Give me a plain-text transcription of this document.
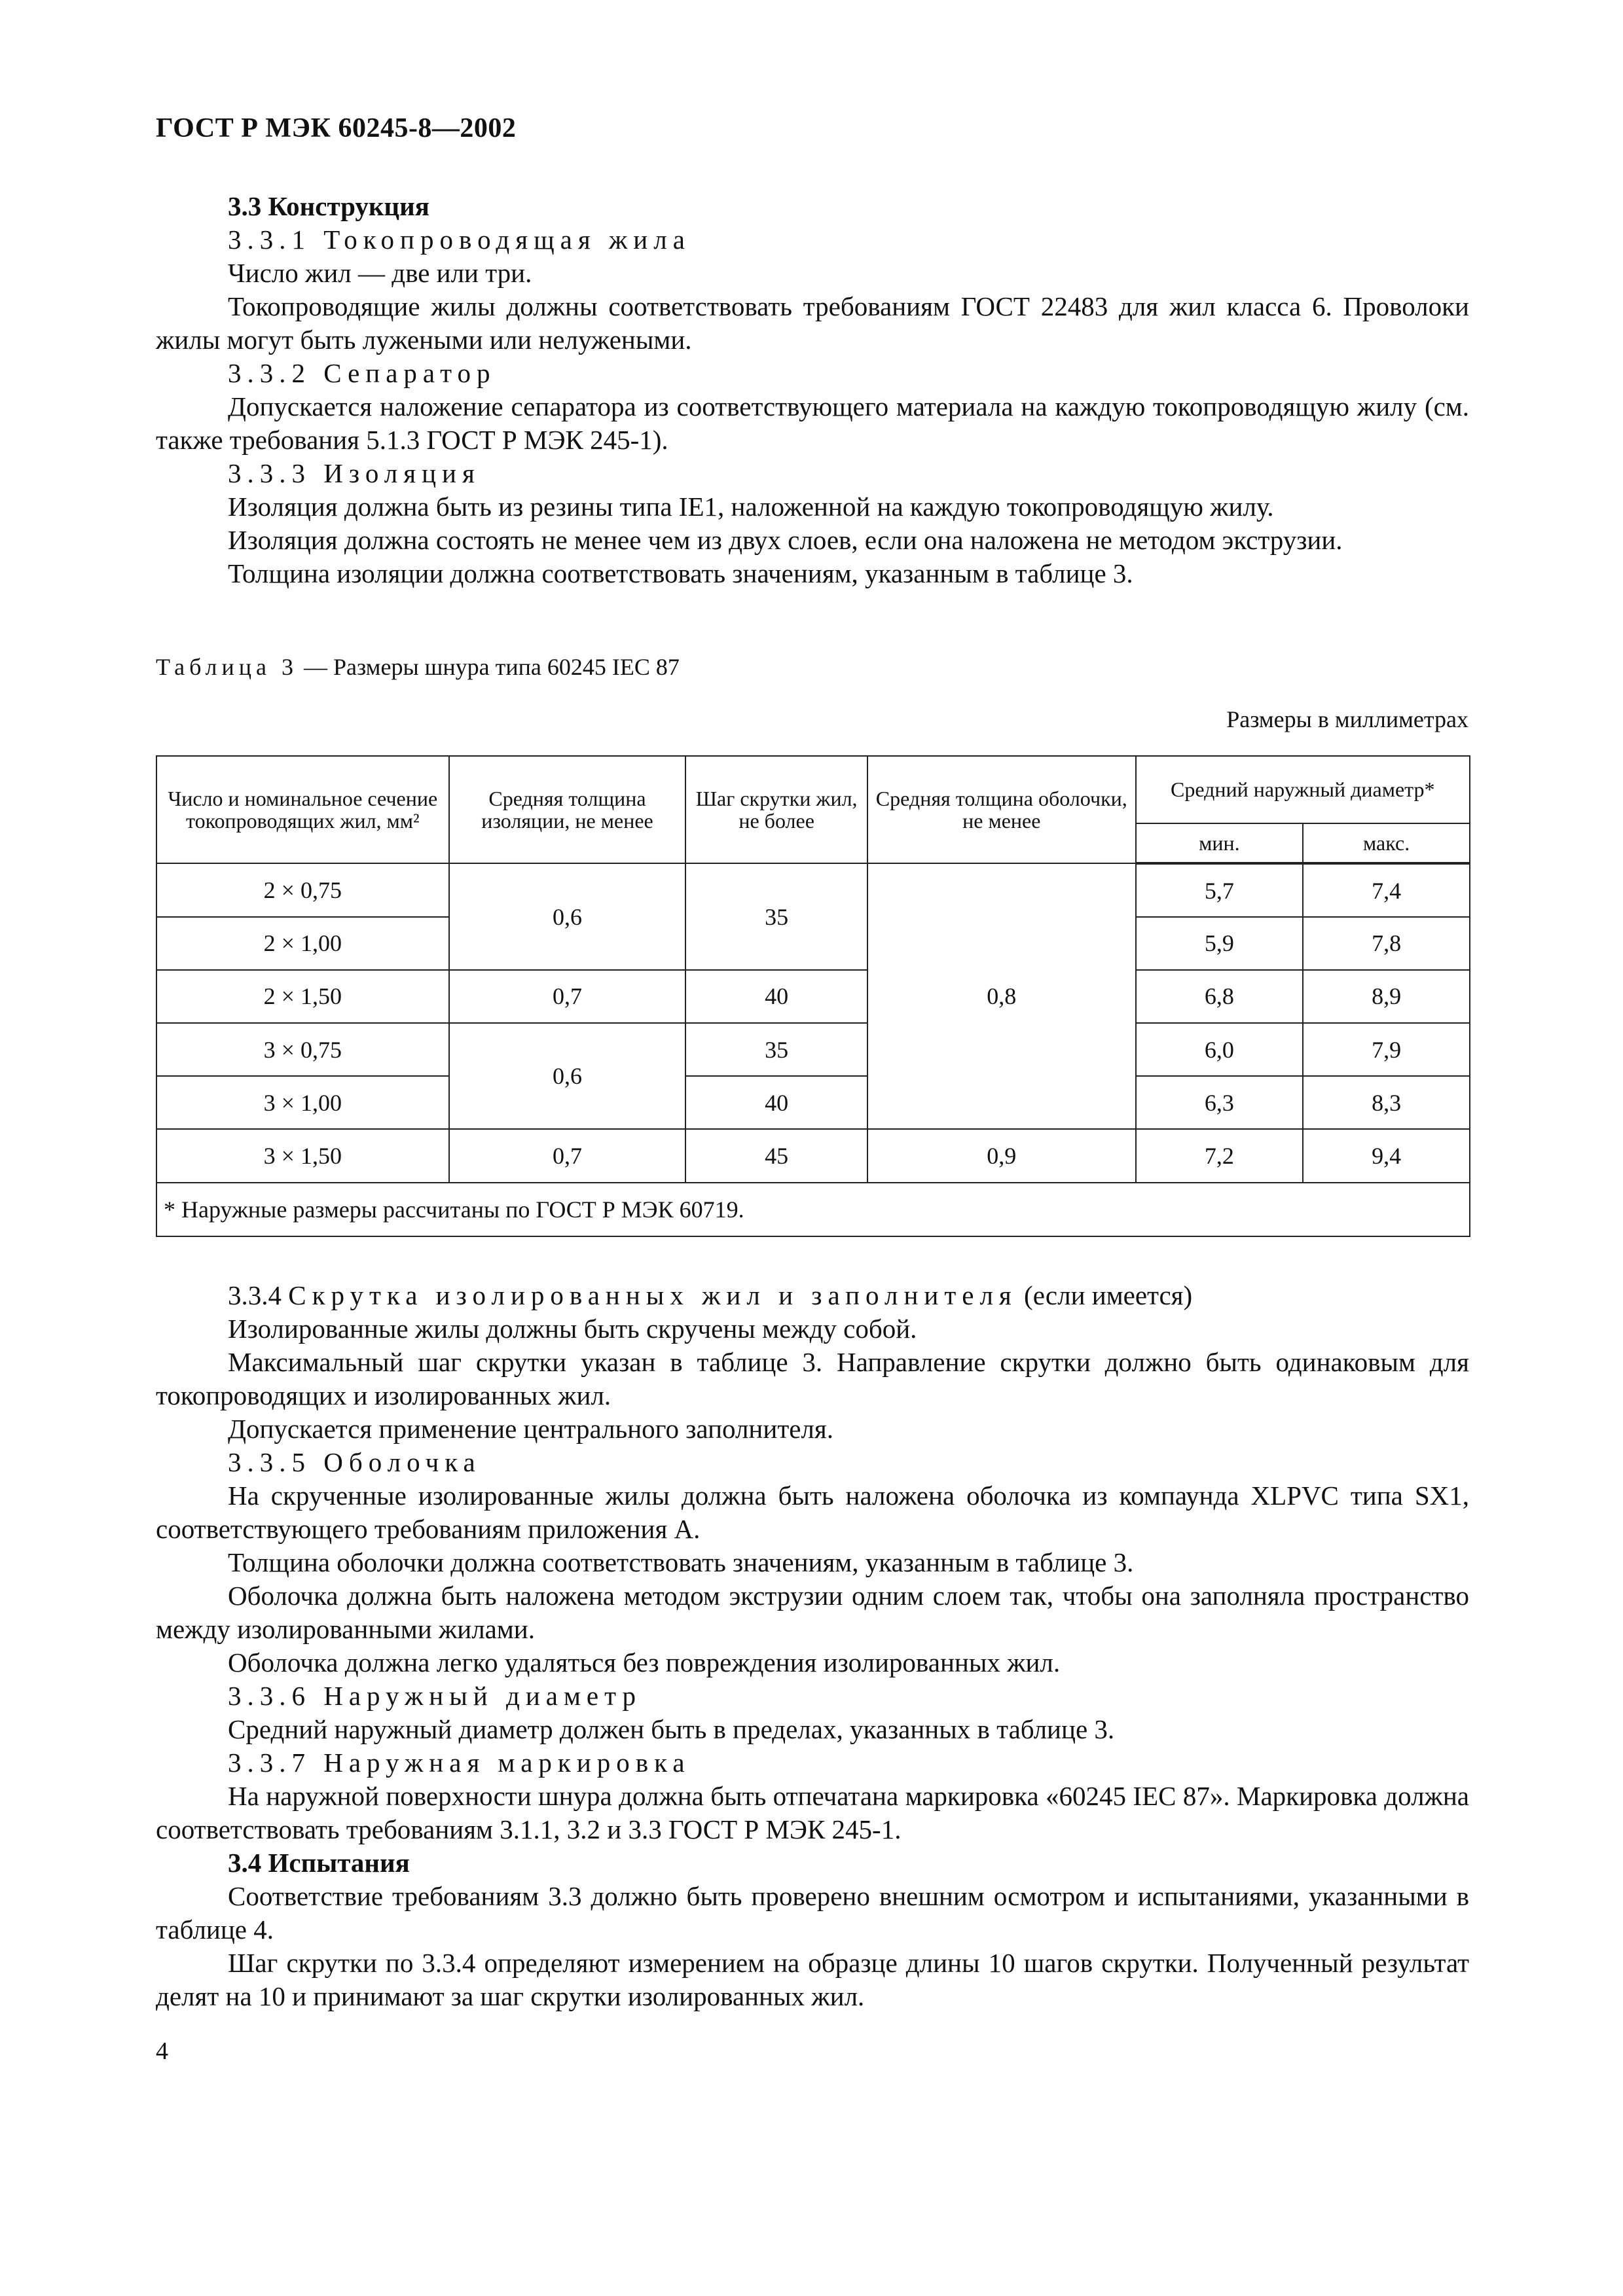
ГОСТ Р МЭК 60245-8—2002
3.3 Конструкция
3.3.1 Токопроводящая жила

Число жил — две или три.

Токопроводящие жилы должны соответствовать требованиям ГОСТ 22483 для жил класса 6. Проволоки жилы могут быть лужеными или нелужеными.

3.3.2 Сепаратор

Допускается наложение сепаратора из соответствующего материала на каждую токопроводящую жилу (см. также требования 5.1.3 ГОСТ Р МЭК 245-1).

3.3.3 Изоляция

Изоляция должна быть из резины типа IE1, наложенной на каждую токопроводящую жилу.

Изоляция должна состоять не менее чем из двух слоев, если она наложена не методом экструзии.

Толщина изоляции должна соответствовать значениям, указанным в таблице 3.

Таблица 3 — Размеры шнура типа 60245 IEC 87
Размеры в миллиметрах
Число и номинальное сечение токопроводящих жил, мм²	Средняя толщина изоляции, не менее	Шаг скрутки жил, не более	Средняя толщина оболочки, не менее	Средний наружный диаметр*	
				мин.	макс.
2 × 0,75	0,6	35	0,8	5,7	7,4
2 × 1,00				5,9	7,8
2 × 1,50	0,7	40		6,8	8,9
3 × 0,75	0,6	35		6,0	7,9
3 × 1,00		40		6,3	8,3
3 × 1,50	0,7	45	0,9	7,2	9,4
* Наружные размеры рассчитаны по ГОСТ Р МЭК 60719.					
3.3.4 Скрутка изолированных жил и заполнителя (если имеется)

Изолированные жилы должны быть скручены между собой.

Максимальный шаг скрутки указан в таблице 3. Направление скрутки должно быть одинаковым для токопроводящих и изолированных жил.

Допускается применение центрального заполнителя.

3.3.5 Оболочка

На скрученные изолированные жилы должна быть наложена оболочка из компаунда XLPVC типа SX1, соответствующего требованиям приложения А.

Толщина оболочки должна соответствовать значениям, указанным в таблице 3.

Оболочка должна быть наложена методом экструзии одним слоем так, чтобы она заполняла пространство между изолированными жилами.

Оболочка должна легко удаляться без повреждения изолированных жил.

3.3.6 Наружный диаметр

Средний наружный диаметр должен быть в пределах, указанных в таблице 3.

3.3.7 Наружная маркировка

На наружной поверхности шнура должна быть отпечатана маркировка «60245 IEC 87». Маркировка должна соответствовать требованиям 3.1.1, 3.2 и 3.3 ГОСТ Р МЭК 245-1.

3.4 Испытания

Соответствие требованиям 3.3 должно быть проверено внешним осмотром и испытаниями, указанными в таблице 4.

Шаг скрутки по 3.3.4 определяют измерением на образце длины 10 шагов скрутки. Полученный результат делят на 10 и принимают за шаг скрутки изолированных жил.

4
